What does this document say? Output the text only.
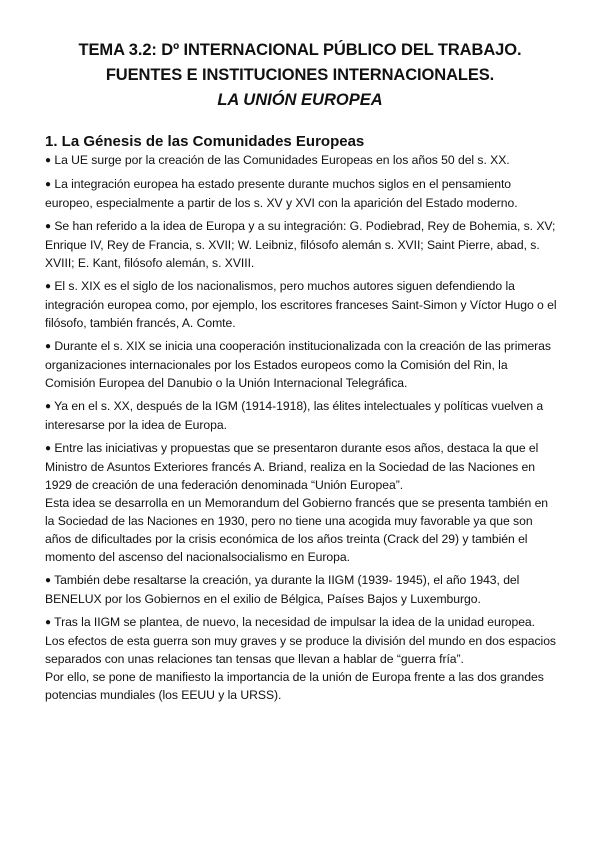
TEMA 3.2: Dº INTERNACIONAL PÚBLICO DEL TRABAJO.
FUENTES E INSTITUCIONES INTERNACIONALES.
LA UNIÓN EUROPEA
1. La Génesis de las Comunidades Europeas
● La UE surge por la creación de las Comunidades Europeas en los años 50 del s. XX.
● La integración europea ha estado presente durante muchos siglos en el pensamiento europeo, especialmente a partir de los s. XV y XVI con la aparición del Estado moderno.
● Se han referido a la idea de Europa y a su integración: G. Podiebrad, Rey de Bohemia, s. XV; Enrique IV, Rey de Francia, s. XVII; W. Leibniz, filósofo alemán s. XVII; Saint Pierre, abad, s. XVIII; E. Kant, filósofo alemán, s. XVIII.
● El s. XIX es el siglo de los nacionalismos, pero muchos autores siguen defendiendo la integración europea como, por ejemplo, los escritores franceses Saint-Simon y Víctor Hugo o el filósofo, también francés, A. Comte.
● Durante el s. XIX se inicia una cooperación institucionalizada con la creación de las primeras organizaciones internacionales por los Estados europeos como la Comisión del Rin, la Comisión Europea del Danubio o la Unión Internacional Telegráfica.
● Ya en el s. XX, después de la IGM (1914-1918), las élites intelectuales y políticas vuelven a interesarse por la idea de Europa.
● Entre las iniciativas y propuestas que se presentaron durante esos años, destaca la que el Ministro de Asuntos Exteriores francés A. Briand, realiza en la Sociedad de las Naciones en 1929 de creación de una federación denominada “Unión Europea”.
Esta idea se desarrolla en un Memorandum del Gobierno francés que se presenta también en la Sociedad de las Naciones en 1930, pero no tiene una acogida muy favorable ya que son años de dificultades por la crisis económica de los años treinta (Crack del 29) y también el momento del ascenso del nacionalsocialismo en Europa.
● También debe resaltarse la creación, ya durante la IIGM (1939- 1945), el año 1943, del BENELUX por los Gobiernos en el exilio de Bélgica, Países Bajos y Luxemburgo.
● Tras la IIGM se plantea, de nuevo, la necesidad de impulsar la idea de la unidad europea.
Los efectos de esta guerra son muy graves y se produce la división del mundo en dos espacios separados con unas relaciones tan tensas que llevan a hablar de “guerra fría”.
Por ello, se pone de manifiesto la importancia de la unión de Europa frente a las dos grandes potencias mundiales (los EEUU y la URSS).
